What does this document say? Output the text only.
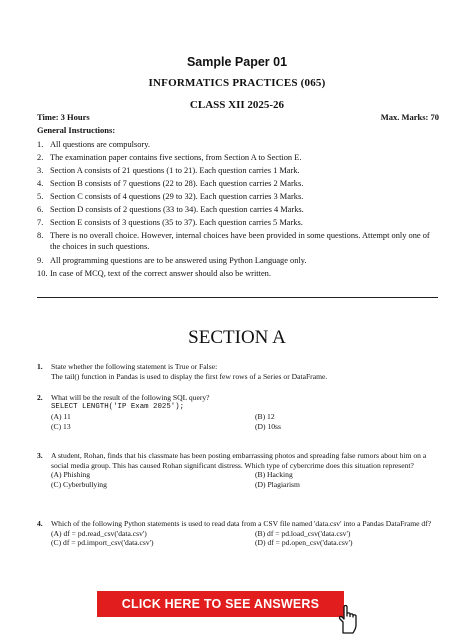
Sample Paper 01
INFORMATICS PRACTICES (065)
CLASS XII 2025-26
Time: 3 Hours	Max. Marks: 70
General Instructions:
1. All questions are compulsory.
2. The examination paper contains five sections, from Section A to Section E.
3. Section A consists of 21 questions (1 to 21). Each question carries 1 Mark.
4. Section B consists of 7 questions (22 to 28). Each question carries 2 Marks.
5. Section C consists of 4 questions (29 to 32). Each question carries 3 Marks.
6. Section D consists of 2 questions (33 to 34). Each question carries 4 Marks.
7. Section E consists of 3 questions (35 to 37). Each question carries 5 Marks.
8. There is no overall choice. However, internal choices have been provided in some questions. Attempt only one of the choices in such questions.
9. All programming questions are to be answered using Python Language only.
10. In case of MCQ, text of the correct answer should also be written.
SECTION A
1. State whether the following statement is True or False:
The tail() function in Pandas is used to display the first few rows of a Series or DataFrame.
2. What will be the result of the following SQL query?
SELECT LENGTH('IP Exam 2025');
(A) 11	(B) 12
(C) 13	(D) 10ss
3. A student, Rohan, finds that his classmate has been posting embarrassing photos and spreading false rumors about him on a social media group. This has caused Rohan significant distress. Which type of cybercrime does this situation represent?
(A) Phishing	(B) Hacking
(C) Cyberbullying	(D) Plagiarism
4. Which of the following Python statements is used to read data from a CSV file named 'data.csv' into a Pandas DataFrame df?
(A) df = pd.read_csv('data.csv')	(B) df = pd.load_csv('data.csv')
(C) df = pd.import_csv('data.csv')	(D) df = pd.open_csv('data.csv')
CLICK HERE TO SEE ANSWERS
